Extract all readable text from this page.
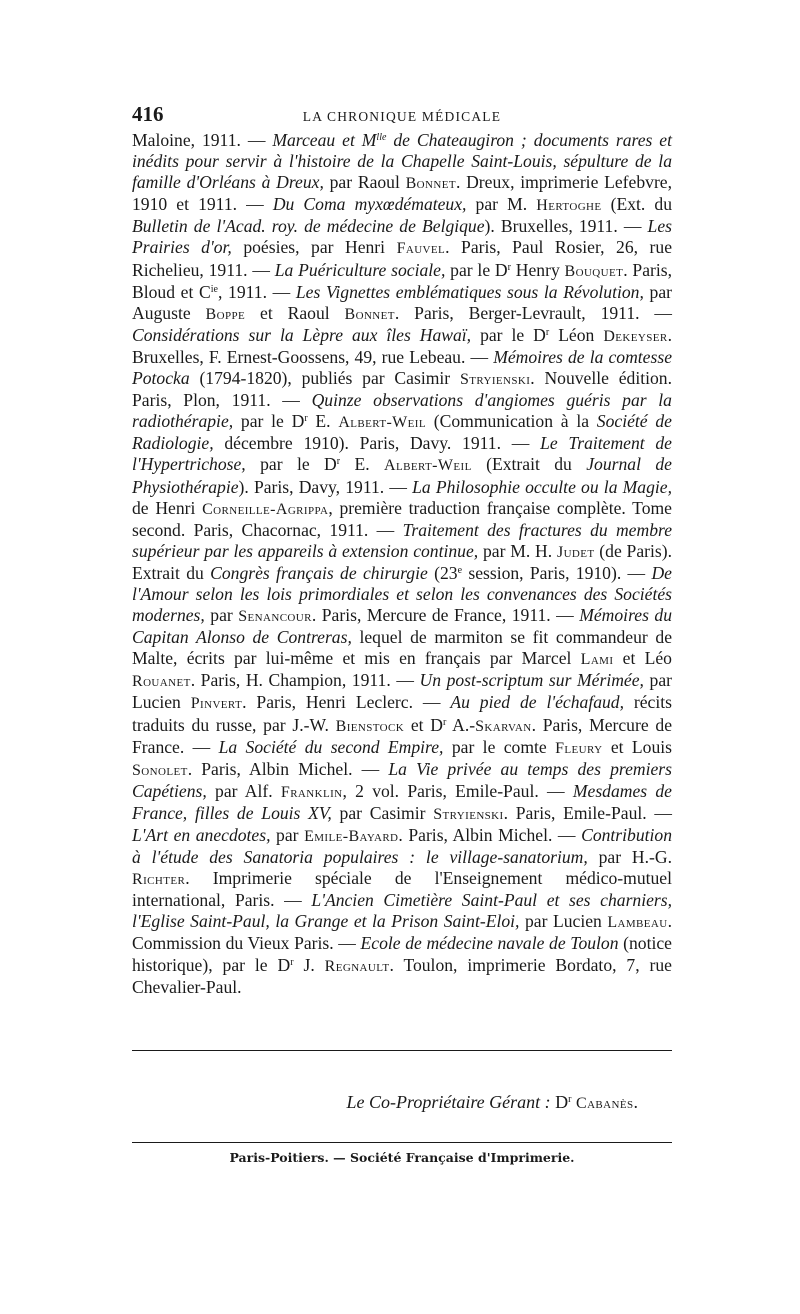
416	LA CHRONIQUE MÉDICALE

Maloine, 1911. — Marceau et $M^{lle}$ de Chateaugiron ; documents rares et inédits pour servir à l'histoire de la Chapelle Saint-Louis, sépulture de la famille d'Orléans à Dreux, par Raoul Bonnet. Dreux, imprimerie Lefebvre, 1910 et 1911. — Du Coma myxœdémateux, par M. Hertoghe (Ext. du Bulletin de l'Acad. roy. de médecine de Belgique). Bruxelles, 1911. — Les Prairies d'or, poésies, par Henri Fauvel. Paris, Paul Rosier, 26, rue Richelieu, 1911. — La Puériculture sociale, par le $D^r$ Henry Bouquet. Paris, Bloud et $C^{ie}$, 1911. — Les Vignettes emblématiques sous la Révolution, par Auguste Boppe et Raoul Bonnet. Paris, Berger-Levrault, 1911. — Considérations sur la Lèpre aux îles Hawaï, par le $D^r$ Léon Dekeyser. Bruxelles, F. Ernest-Goossens, 49, rue Lebeau. — Mémoires de la comtesse Potocka (1794-1820), publiés par Casimir Stryienski. Nouvelle édition. Paris, Plon, 1911. — Quinze observations d'angiomes guéris par la radiothérapie, par le $D^r$ E. Albert-Weil (Communication à la Société de Radiologie, décembre 1910). Paris, Davy. 1911. — Le Traitement de l'Hypertrichose, par le $D^r$ E. Albert-Weil (Extrait du Journal de Physiothérapie). Paris, Davy, 1911. — La Philosophie occulte ou la Magie, de Henri Corneille-Agrippa, première traduction française complète. Tome second. Paris, Chacornac, 1911. — Traitement des fractures du membre supérieur par les appareils à extension continue, par M. H. Judet (de Paris). Extrait du Congrès français de chirurgie (23e session, Paris, 1910). — De l'Amour selon les lois primordiales et selon les convenances des Sociétés modernes, par Senancour. Paris, Mercure de France, 1911. — Mémoires du Capitan Alonso de Contreras, lequel de marmiton se fit commandeur de Malte, écrits par lui-même et mis en français par Marcel Lami et Léo Rouanet. Paris, H. Champion, 1911. — Un post-scriptum sur Mérimée, par Lucien Pinvert. Paris, Henri Leclerc. — Au pied de l'échafaud, récits traduits du russe, par J.-W. Bienstock et $D^r$ A.-Skarvan. Paris, Mercure de France. — La Société du second Empire, par le comte Fleury et Louis Sonolet. Paris, Albin Michel. — La Vie privée au temps des premiers Capétiens, par Alf. Franklin, 2 vol. Paris, Emile-Paul. — Mesdames de France, filles de Louis XV, par Casimir Stryienski. Paris, Emile-Paul. — L'Art en anecdotes, par Emile-Bayard. Paris, Albin Michel. — Contribution à l'étude des Sanatoria populaires : le village-sanatorium, par H.-G. Richter. Imprimerie spéciale de l'Enseignement médico-mutuel international, Paris. — L'Ancien Cimetière Saint-Paul et ses charniers, l'Eglise Saint-Paul, la Grange et la Prison Saint-Eloi, par Lucien Lambeau. Commission du Vieux Paris. — Ecole de médecine navale de Toulon (notice historique), par le $D^r$ J. Regnault. Toulon, imprimerie Bordato, 7, rue Chevalier-Paul.

Le Co-Propriétaire Gérant : $D^r$ Cabanès.
Paris-Poitiers. — Société Française d'Imprimerie.
